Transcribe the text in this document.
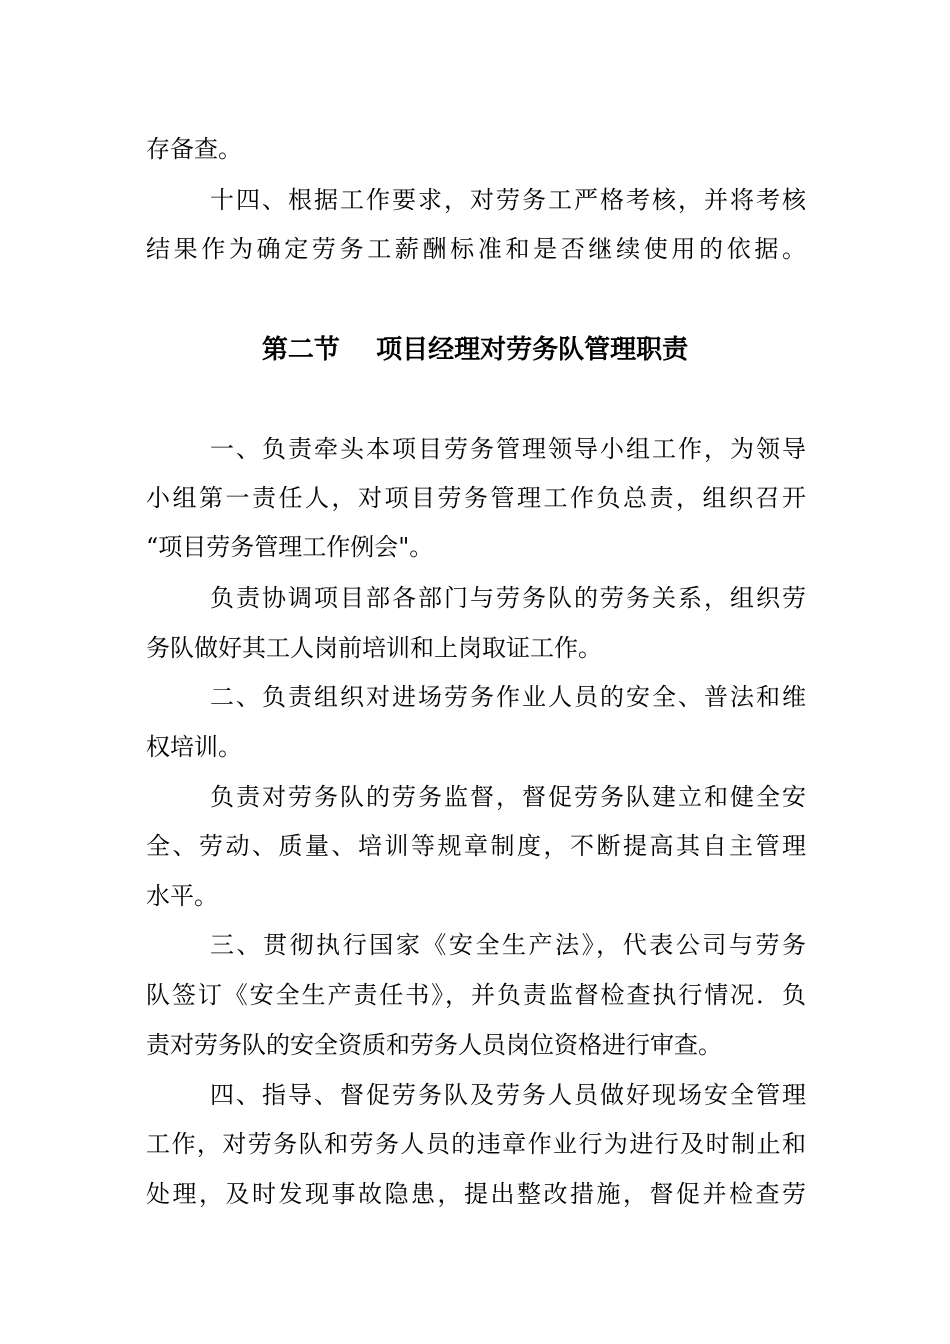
存备查。
十四、根据工作要求，对劳务工严格考核，并将考核
结果作为确定劳务工薪酬标准和是否继续使用的依据。
第二节    项目经理对劳务队管理职责
一、负责牵头本项目劳务管理领导小组工作，为领导
小组第一责任人，对项目劳务管理工作负总责，组织召开
“项目劳务管理工作例会"。
负责协调项目部各部门与劳务队的劳务关系，组织劳
务队做好其工人岗前培训和上岗取证工作。
二、负责组织对进场劳务作业人员的安全、普法和维
权培训。
负责对劳务队的劳务监督，督促劳务队建立和健全安
全、劳动、质量、培训等规章制度，不断提高其自主管理
水平。
三、贯彻执行国家《安全生产法》，代表公司与劳务
队签订《安全生产责任书》，并负责监督检查执行情况．负
责对劳务队的安全资质和劳务人员岗位资格进行审查。
四、指导、督促劳务队及劳务人员做好现场安全管理
工作，对劳务队和劳务人员的违章作业行为进行及时制止和
处理，及时发现事故隐患，提出整改措施，督促并检查劳
